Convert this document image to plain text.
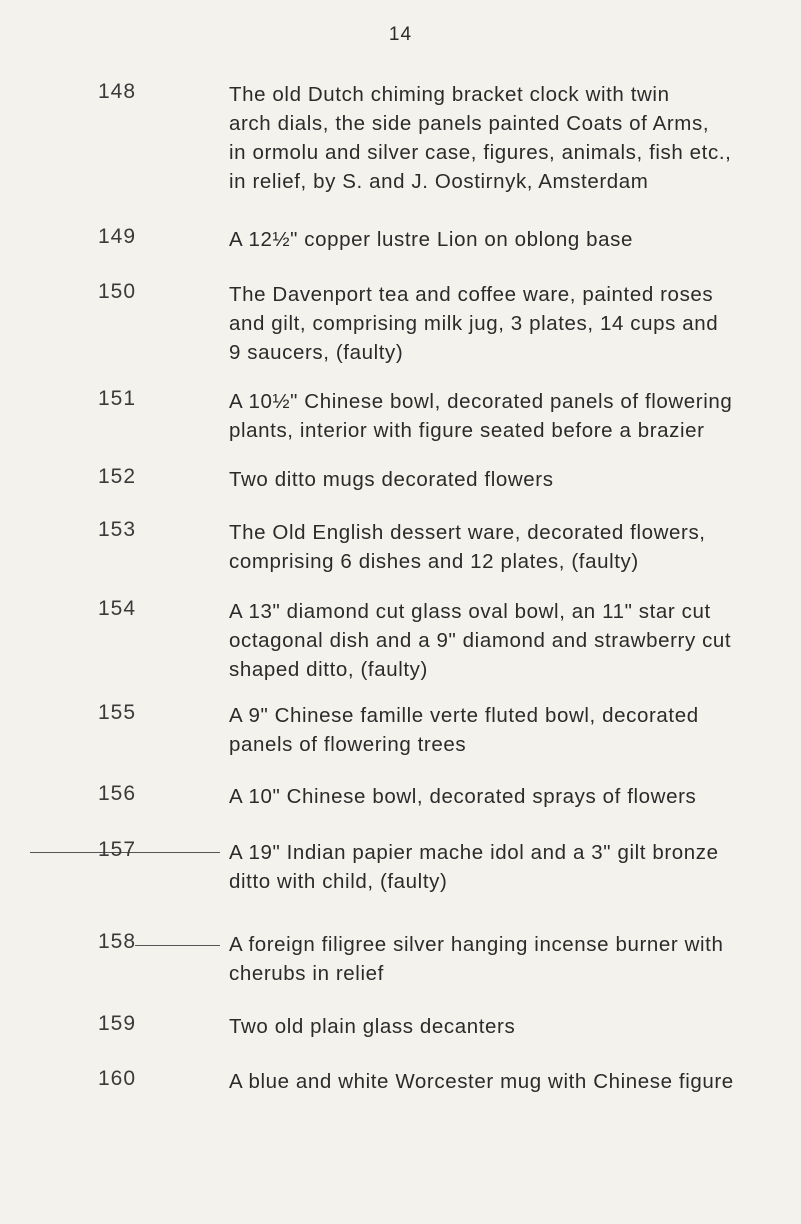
14
148	The old Dutch chiming bracket clock with twin
arch dials, the side panels painted Coats of Arms,
in ormolu and silver case, figures, animals, fish etc.,
in relief, by S. and J. Oostirnyk, Amsterdam
149	A 12½" copper lustre Lion on oblong base
150	The Davenport tea and coffee ware, painted roses
and gilt, comprising milk jug, 3 plates, 14 cups and
9 saucers, (faulty)
151	A 10½" Chinese bowl, decorated panels of flowering
plants, interior with figure seated before a brazier
152	Two ditto mugs decorated flowers
153	The Old English dessert ware, decorated flowers,
comprising 6 dishes and 12 plates, (faulty)
154	A 13" diamond cut glass oval bowl, an 11" star cut
octagonal dish and a 9" diamond and strawberry cut
shaped ditto, (faulty)
155	A 9" Chinese famille verte fluted bowl, decorated
panels of flowering trees
156	A 10" Chinese bowl, decorated sprays of flowers
157	A 19" Indian papier mache idol and a 3" gilt bronze
ditto with child, (faulty)
158	A foreign filigree silver hanging incense burner with
cherubs in relief
159	Two old plain glass decanters
160	A blue and white Worcester mug with Chinese figure
